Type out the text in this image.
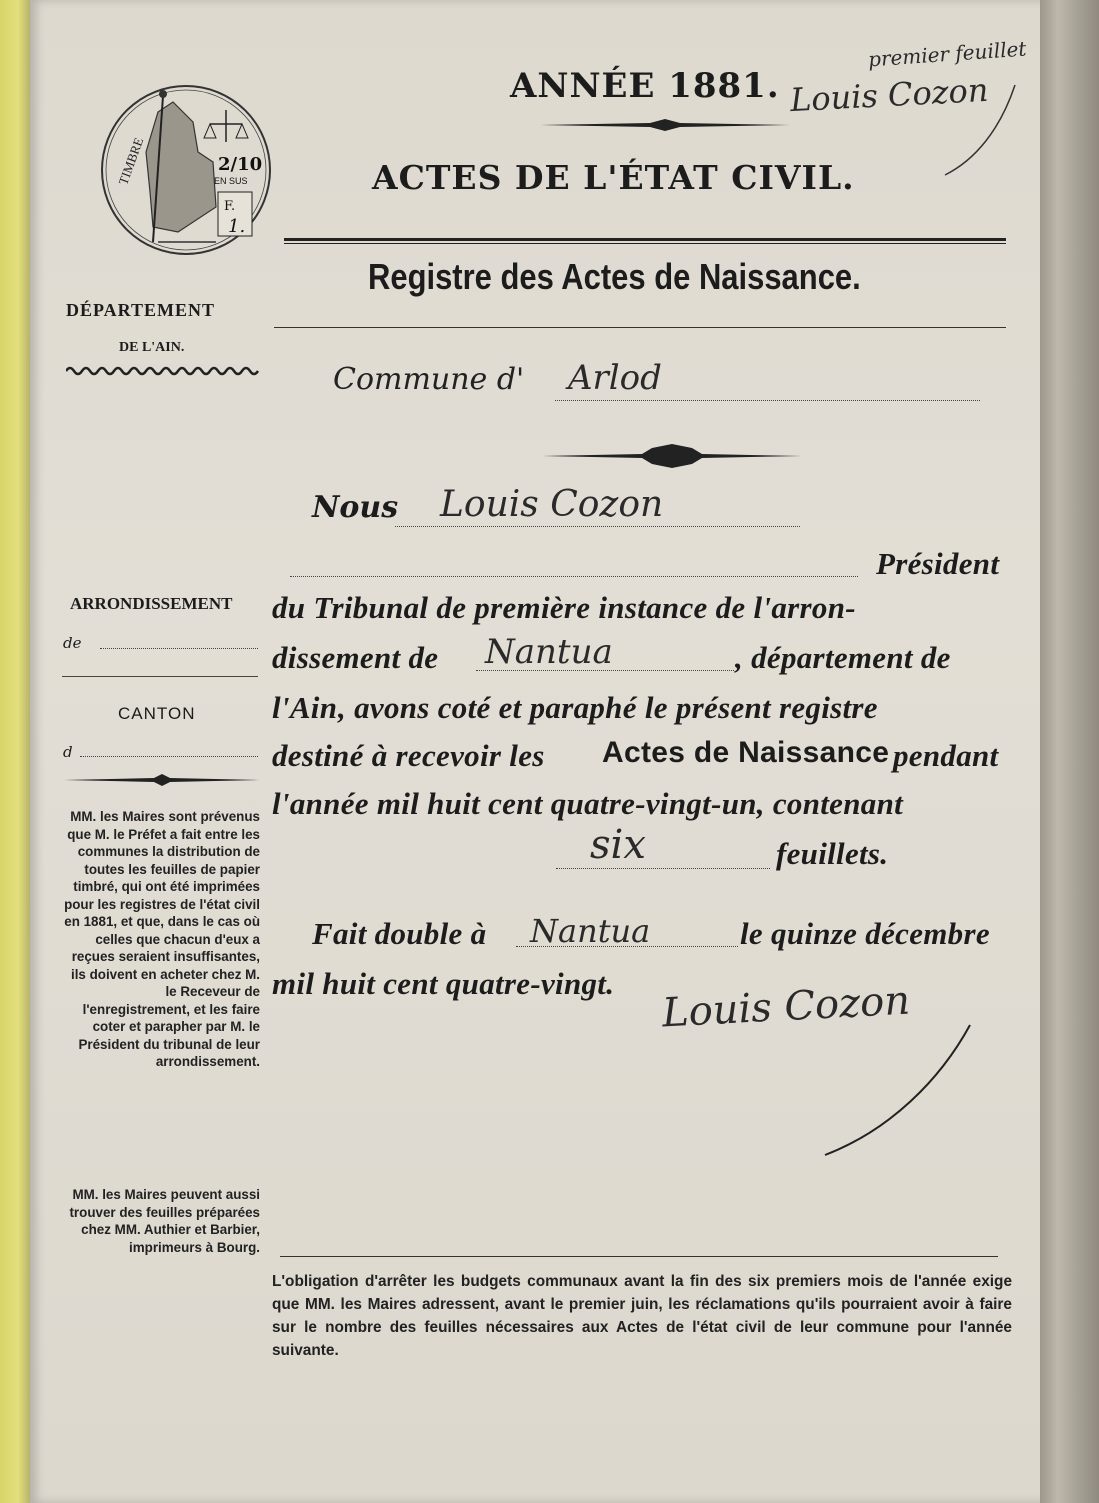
2/10
EN SUS
F.
1.
TIMBRE
ANNÉE 1881.
ACTES DE L'ÉTAT CIVIL.
Registre des Actes de Naissance.
premier feuillet
Louis Cozon
DÉPARTEMENT
DE L'AIN.
Commune d' Arlod
Nous Louis Cozon
Président
du Tribunal de première instance de l'arron-
dissement de Nantua	, département de
l'Ain , avons coté et paraphé le présent registre
destiné à recevoir les Actes de Naissance pendant
l'année mil huit cent quatre-vingt-un, contenant
six	feuillets.
Fait double à Nantua	le quinze décembre
mil huit cent quatre-vingt. Louis Cozon
ARRONDISSEMENT
de
CANTON
d
MM. les Maires sont prévenus que M. le Préfet a fait entre les communes la distribution de toutes les feuilles de papier timbré, qui ont été imprimées pour les registres de l'état civil en 1881, et que, dans le cas où celles que chacun d'eux a reçues seraient insuffisantes, ils doivent en acheter chez M. le Receveur de l'enregistrement, et les faire coter et parapher par M. le Président du tribunal de leur arrondissement.
MM. les Maires peuvent aussi trouver des feuilles préparées chez MM. Authier et Barbier, imprimeurs à Bourg.
L'obligation d'arrêter les budgets communaux avant la fin des six premiers mois de l'année exige que MM. les Maires adressent, avant le premier juin, les réclamations qu'ils pourraient avoir à faire sur le nombre des feuilles nécessaires aux Actes de l'état civil de leur commune pour l'année suivante.
